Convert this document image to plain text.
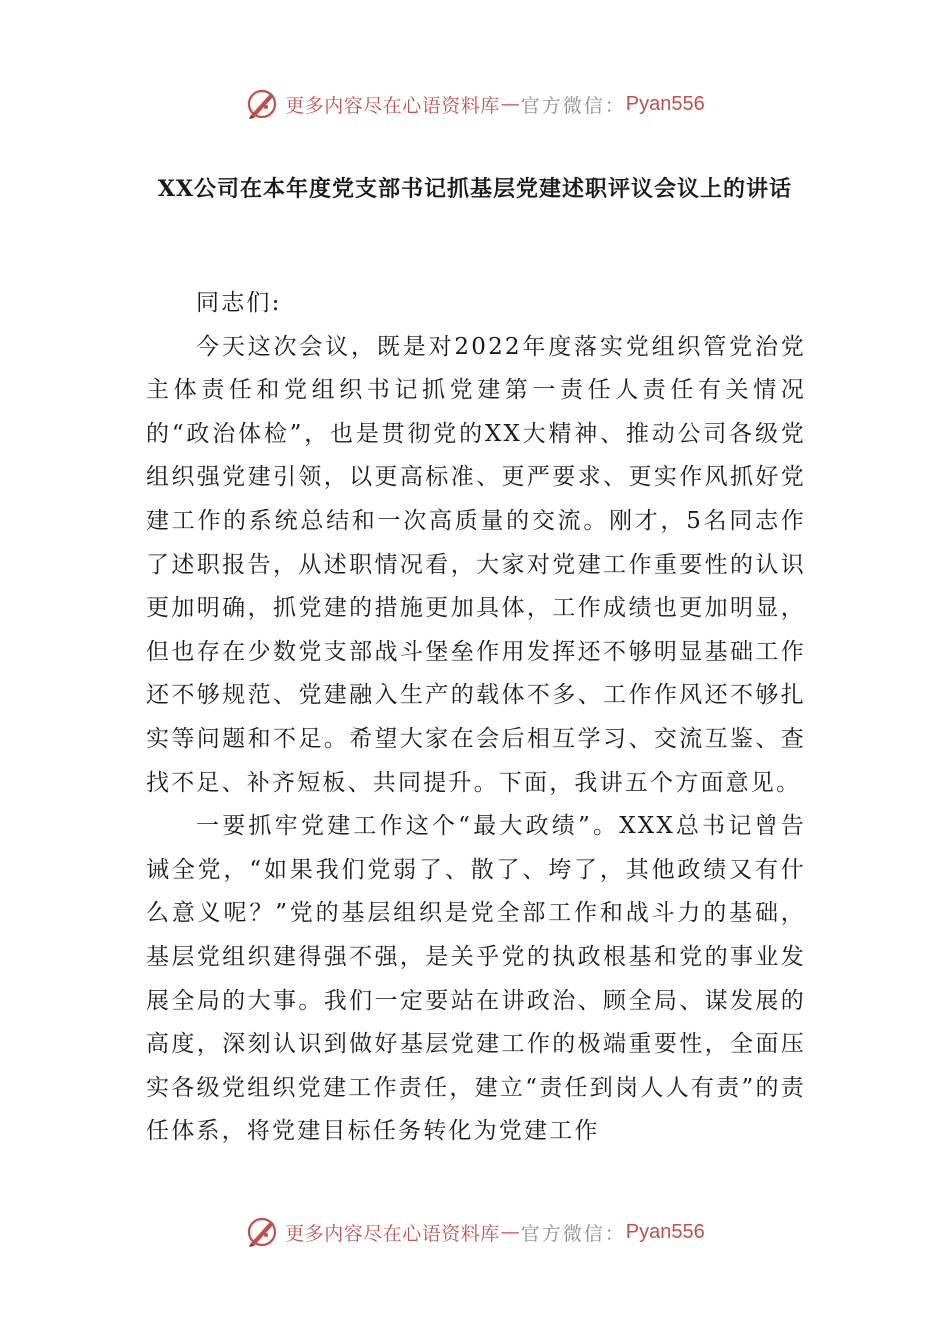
更多内容尽在心语资料库 — 官方微信： Pyan556
XX公司在本年度党支部书记抓基层党建述职评议会议上的讲话

同志们:

今天这次会议，既是对2022年度落实党组织管党治党主体责任和党组织书记抓党建第一责任人责任有关情况的“政治体检”，也是贯彻党的XX大精神、推动公司各级党组织强党建引领，以更高标准、更严要求、更实作风抓好党建工作的系统总结和一次高质量的交流。刚才，5名同志作了述职报告，从述职情况看，大家对党建工作重要性的认识更加明确，抓党建的措施更加具体，工作成绩也更加明显，但也存在少数党支部战斗堡垒作用发挥还不够明显基础工作还不够规范、党建融入生产的载体不多、工作作风还不够扎实等问题和不足。希望大家在会后相互学习、交流互鉴、查找不足、补齐短板、共同提升。下面，我讲五个方面意见。

一要抓牢党建工作这个“最大政绩”。XXX总书记曾告诫全党，“如果我们党弱了、散了、垮了，其他政绩又有什么意义呢？”党的基层组织是党全部工作和战斗力的基础，基层党组织建得强不强，是关乎党的执政根基和党的事业发展全局的大事。我们一定要站在讲政治、顾全局、谋发展的高度，深刻认识到做好基层党建工作的极端重要性，全面压实各级党组织党建工作责任，建立“责任到岗人人有责”的责任体系，将党建目标任务转化为党建工作

更多内容尽在心语资料库 — 官方微信： Pyan556
